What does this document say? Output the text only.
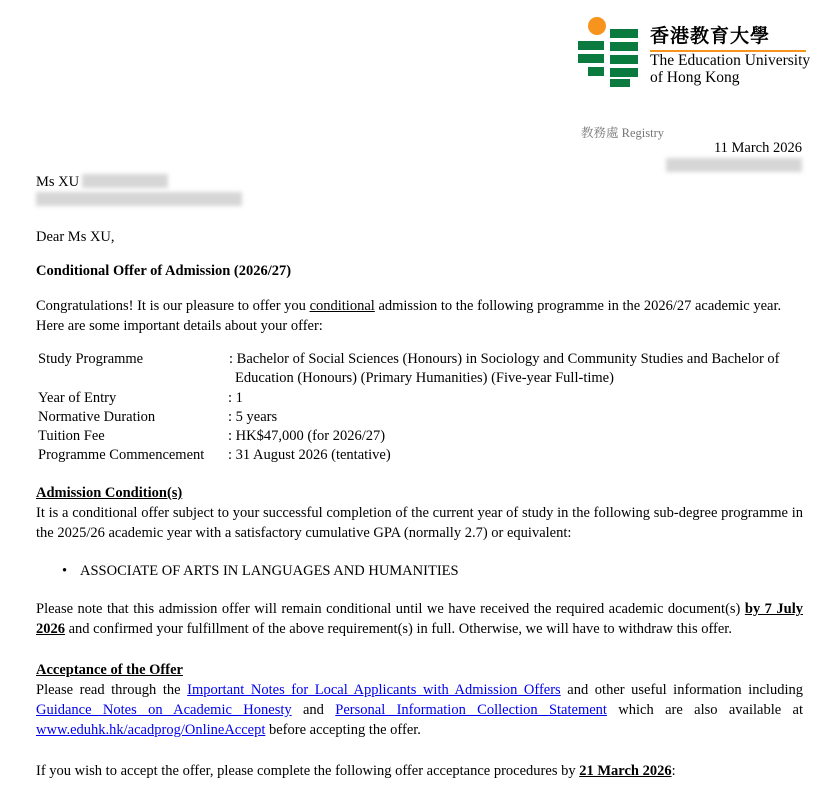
香港教育大學
The Education University
of Hong Kong
教務處 Registry
11 March 2026
Ms XU
Dear Ms XU,
Conditional Offer of Admission (2026/27)
Congratulations! It is our pleasure to offer you conditional admission to the following programme in the 2026/27 academic year. Here are some important details about your offer:
Study Programme	: Bachelor of Social Sciences (Honours) in Sociology and Community Studies and Bachelor of Education (Honours) (Primary Humanities) (Five-year Full-time)
Year of Entry	: 1
Normative Duration	: 5 years
Tuition Fee	: HK$47,000 (for 2026/27)
Programme Commencement	: 31 August 2026 (tentative)
Admission Condition(s)
It is a conditional offer subject to your successful completion of the current year of study in the following sub-degree programme in the 2025/26 academic year with a satisfactory cumulative GPA (normally 2.7) or equivalent:
• ASSOCIATE OF ARTS IN LANGUAGES AND HUMANITIES
Please note that this admission offer will remain conditional until we have received the required academic document(s) by 7 July 2026 and confirmed your fulfillment of the above requirement(s) in full. Otherwise, we will have to withdraw this offer.
Acceptance of the Offer
Please read through the Important Notes for Local Applicants with Admission Offers and other useful information including Guidance Notes on Academic Honesty and Personal Information Collection Statement which are also available at www.eduhk.hk/acadprog/OnlineAccept before accepting the offer.
If you wish to accept the offer, please complete the following offer acceptance procedures by 21 March 2026:
